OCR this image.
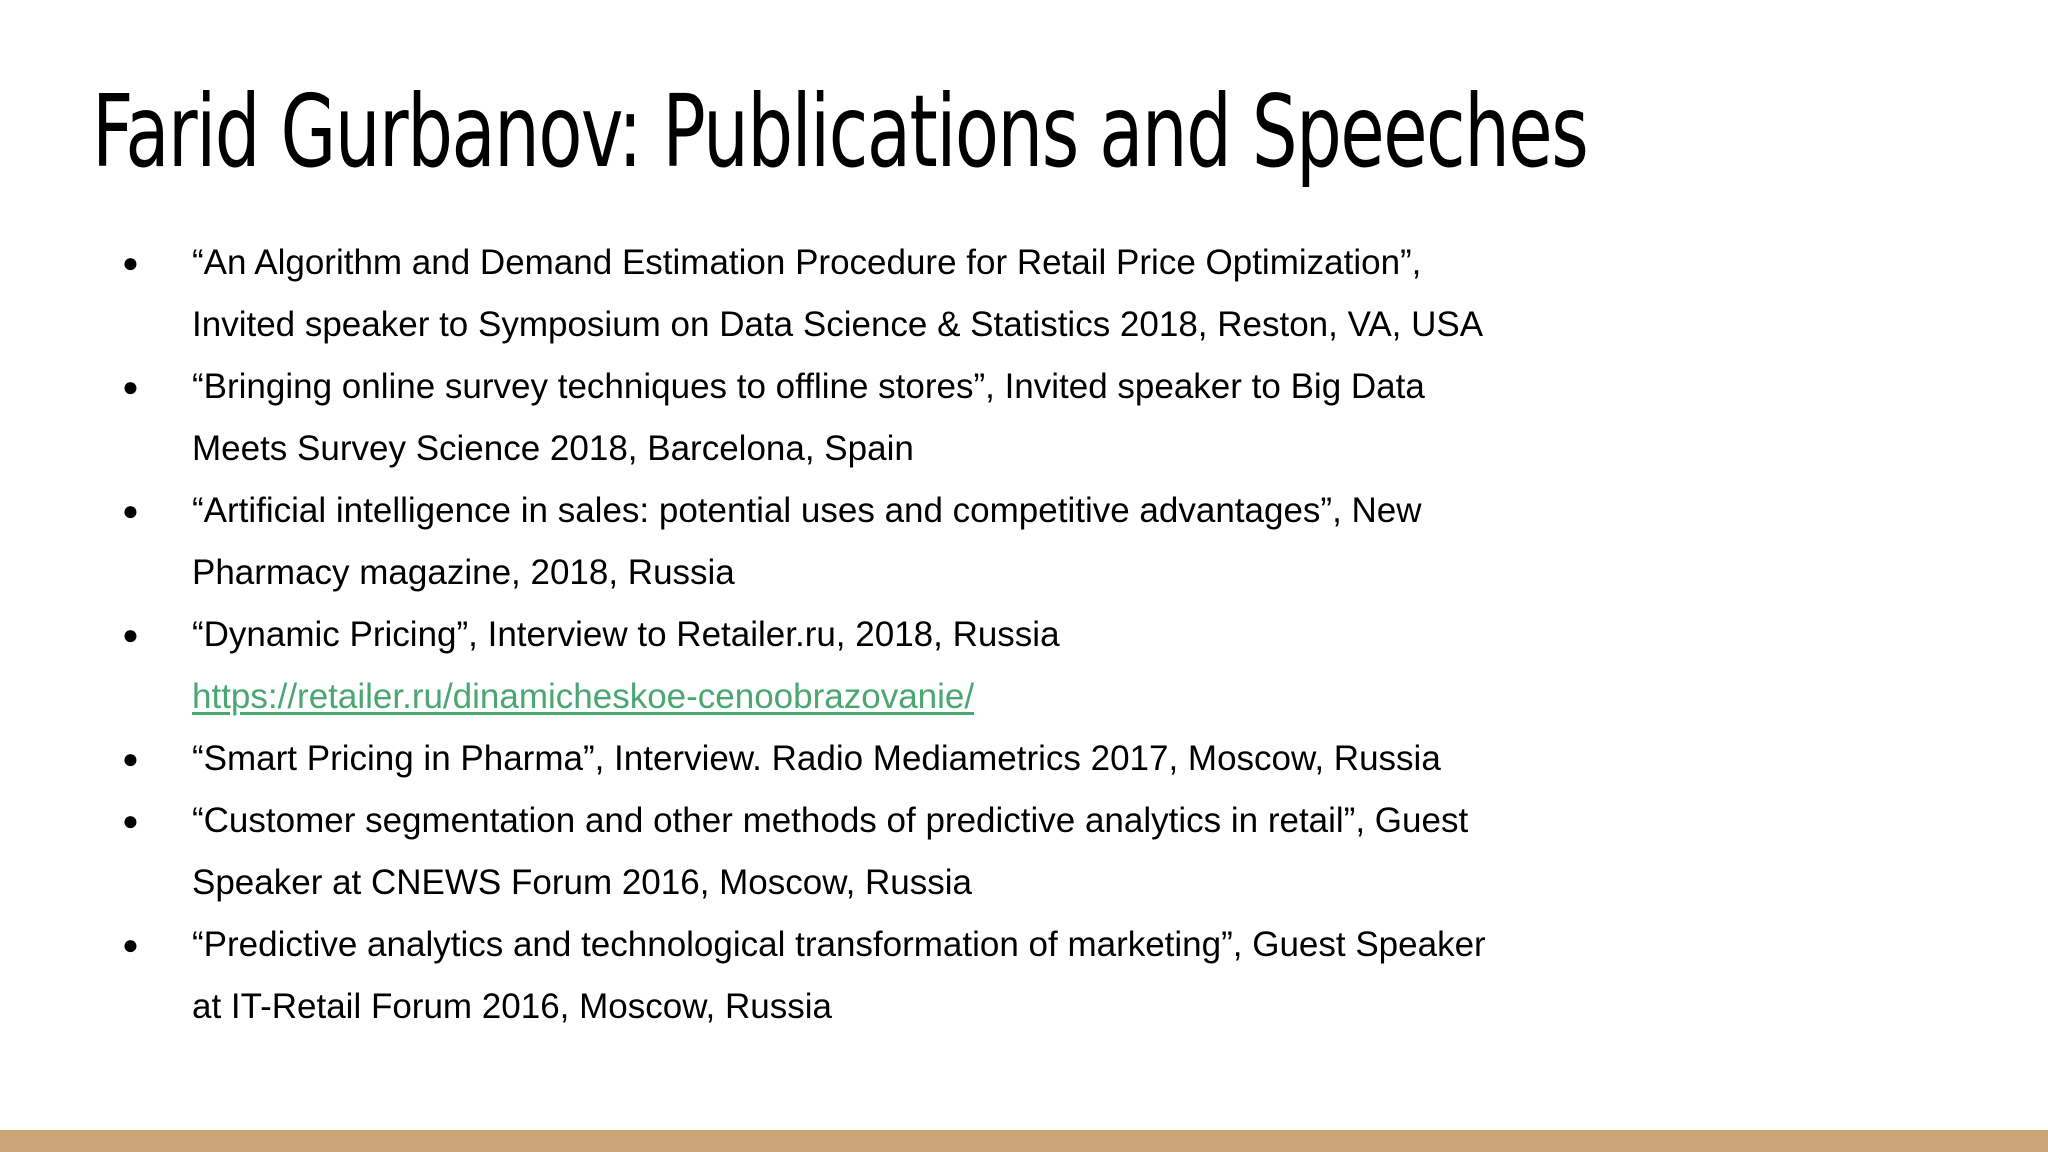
Farid Gurbanov: Publications and Speeches
● “An Algorithm and Demand Estimation Procedure for Retail Price Optimization”,
Invited speaker to Symposium on Data Science & Statistics 2018, Reston, VA, USA
● “Bringing online survey techniques to offline stores”, Invited speaker to Big Data
Meets Survey Science 2018, Barcelona, Spain
● “Artificial intelligence in sales: potential uses and competitive advantages”, New
Pharmacy magazine, 2018, Russia
● “Dynamic Pricing”, Interview to Retailer.ru, 2018, Russia
https://retailer.ru/dinamicheskoe-cenoobrazovanie/
● “Smart Pricing in Pharma”, Interview. Radio Mediametrics 2017, Moscow, Russia
● “Customer segmentation and other methods of predictive analytics in retail”, Guest
Speaker at CNEWS Forum 2016, Moscow, Russia
● “Predictive analytics and technological transformation of marketing”, Guest Speaker
at IT-Retail Forum 2016, Moscow, Russia
